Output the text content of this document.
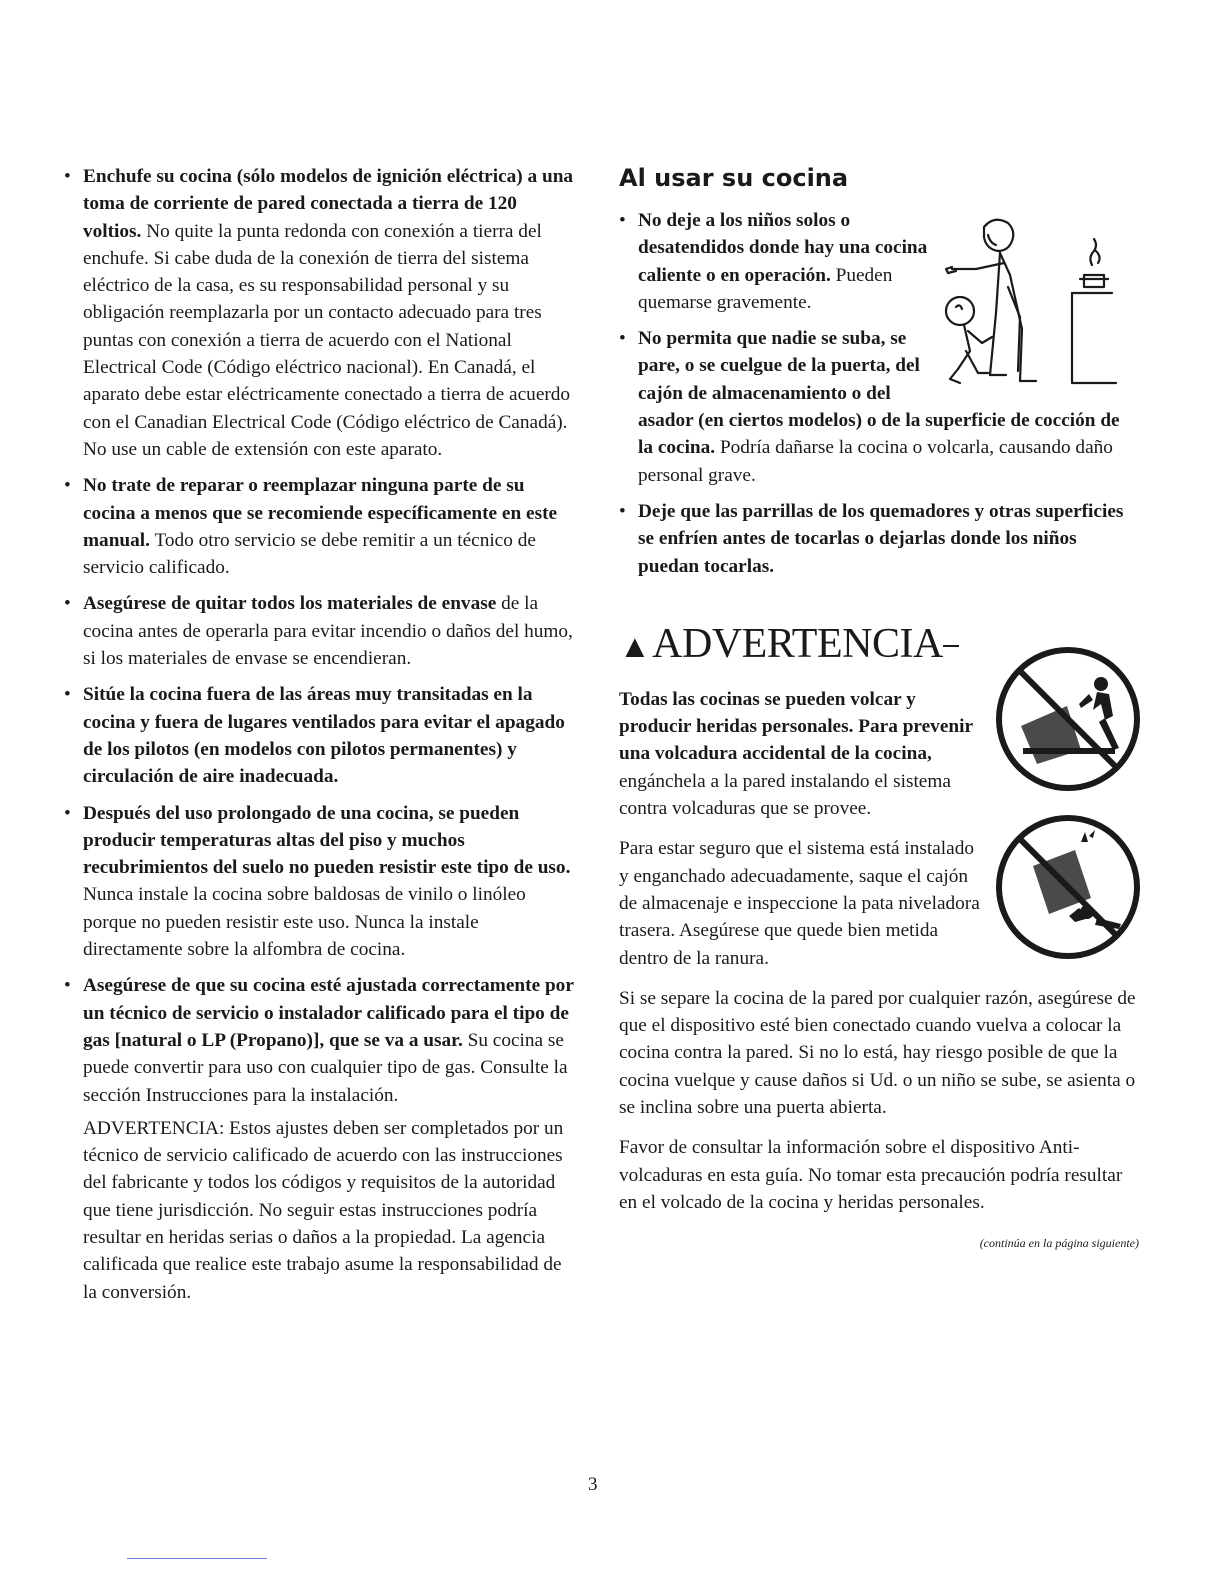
• Enchufe su cocina (sólo modelos de ignición eléctrica) a una toma de corriente de pared conectada a tierra de 120 voltios. No quite la punta redonda con conexión a tierra del enchufe. Si cabe duda de la conexión de tierra del sistema eléctrico de la casa, es su responsabilidad personal y su obligación reemplazarla por un contacto adecuado para tres puntas con conexión a tierra de acuerdo con el National Electrical Code (Código eléctrico nacional). En Canadá, el aparato debe estar eléctricamente conectado a tierra de acuerdo con el Canadian Electrical Code (Código eléctrico de Canadá). No use un cable de extensión con este aparato.
• No trate de reparar o reemplazar ninguna parte de su cocina a menos que se recomiende específicamente en este manual. Todo otro servicio se debe remitir a un técnico de servicio calificado.
• Asegúrese de quitar todos los materiales de envase de la cocina antes de operarla para evitar incendio o daños del humo, si los materiales de envase se encendieran.
• Sitúe la cocina fuera de las áreas muy transitadas en la cocina y fuera de lugares ventilados para evitar el apagado de los pilotos (en modelos con pilotos permanentes) y circulación de aire inadecuada.
• Después del uso prolongado de una cocina, se pueden producir temperaturas altas del piso y muchos recubrimientos del suelo no pueden resistir este tipo de uso. Nunca instale la cocina sobre baldosas de vinilo o linóleo porque no pueden resistir este uso. Nunca la instale directamente sobre la alfombra de cocina.
• Asegúrese de que su cocina esté ajustada correctamente por un técnico de servicio o instalador calificado para el tipo de gas [natural o LP (Propano)], que se va a usar. Su cocina se puede convertir para uso con cualquier tipo de gas. Consulte la sección Instrucciones para la instalación.

ADVERTENCIA: Estos ajustes deben ser completados por un técnico de servicio calificado de acuerdo con las instrucciones del fabricante y todos los códigos y requisitos de la autoridad que tiene jurisdicción. No seguir estas instrucciones podría resultar en heridas serias o daños a la propiedad. La agencia calificada que realice este trabajo asume la responsabilidad de la conversión.

Al usar su cocina
• No deje a los niños solos o desatendidos donde hay una cocina caliente o en operación. Pueden quemarse gravemente.
• No permita que nadie se suba, se pare, o se cuelgue de la puerta, del cajón de almacenamiento o del asador (en ciertos modelos) o de la superficie de cocción de la cocina. Podría dañarse la cocina o volcarla, causando daño personal grave.
• Deje que las parrillas de los quemadores y otras superficies se enfríen antes de tocarlas o dejarlas donde los niños puedan tocarlas.
▲ADVERTENCIA

Todas las cocinas se pueden volcar y producir heridas personales. Para prevenir una volcadura accidental de la cocina, engánchela a la pared instalando el sistema contra volcaduras que se provee.

Para estar seguro que el sistema está instalado y enganchado adecuadamente, saque el cajón de almacenaje e inspeccione la pata niveladora trasera. Asegúrese que quede bien metida dentro de la ranura.

Si se separe la cocina de la pared por cualquier razón, asegúrese de que el dispositivo esté bien conectado cuando vuelva a colocar la cocina contra la pared. Si no lo está, hay riesgo posible de que la cocina vuelque y cause daños si Ud. o un niño se sube, se asienta o se inclina sobre una puerta abierta.

Favor de consultar la información sobre el dispositivo Anti-volcaduras en esta guía. No tomar esta precaución podría resultar en el volcado de la cocina y heridas personales.

(continúa en la página siguiente)

3
